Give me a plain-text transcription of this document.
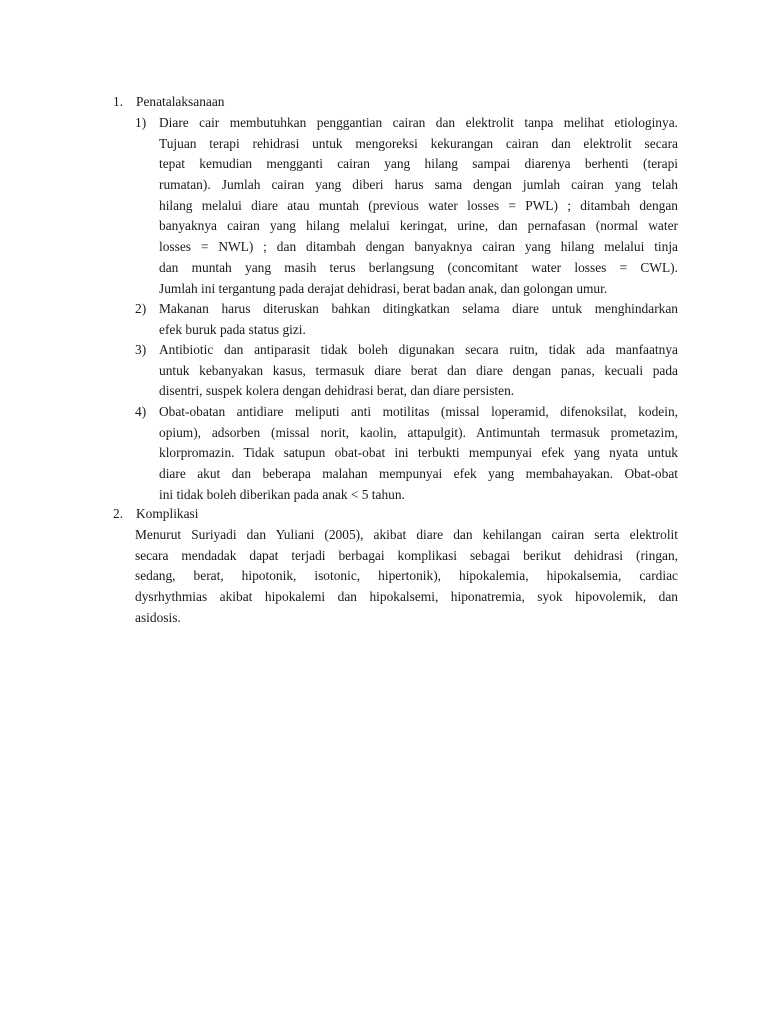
1. Penatalaksanaan
1) Diare cair membutuhkan penggantian cairan dan elektrolit tanpa melihat etiologinya.
Tujuan terapi rehidrasi untuk mengoreksi kekurangan cairan dan elektrolit secara
tepat kemudian mengganti cairan yang hilang sampai diarenya berhenti (terapi
rumatan). Jumlah cairan yang diberi harus sama dengan jumlah cairan yang telah
hilang melalui diare atau muntah (previous water losses = PWL) ; ditambah dengan
banyaknya cairan yang hilang melalui keringat, urine, dan pernafasan (normal water
losses = NWL) ; dan ditambah dengan banyaknya cairan yang hilang melalui tinja
dan muntah yang masih terus berlangsung (concomitant water losses = CWL).
Jumlah ini tergantung pada derajat dehidrasi, berat badan anak, dan golongan umur.
2) Makanan harus diteruskan bahkan ditingkatkan selama diare untuk menghindarkan
efek buruk pada status gizi.
3) Antibiotic dan antiparasit tidak boleh digunakan secara ruitn, tidak ada manfaatnya
untuk kebanyakan kasus, termasuk diare berat dan diare dengan panas, kecuali pada
disentri, suspek kolera dengan dehidrasi berat, dan diare persisten.
4) Obat-obatan antidiare meliputi anti motilitas (missal loperamid, difenoksilat, kodein,
opium), adsorben (missal norit, kaolin, attapulgit). Antimuntah termasuk prometazim,
klorpromazin. Tidak satupun obat-obat ini terbukti mempunyai efek yang nyata untuk
diare akut dan beberapa malahan mempunyai efek yang membahayakan. Obat-obat
ini tidak boleh diberikan pada anak < 5 tahun.
2. Komplikasi
Menurut Suriyadi dan Yuliani (2005), akibat diare dan kehilangan cairan serta elektrolit
secara mendadak dapat terjadi berbagai komplikasi sebagai berikut dehidrasi (ringan,
sedang, berat, hipotonik, isotonic, hipertonik), hipokalemia, hipokalsemia, cardiac
dysrhythmias akibat hipokalemi dan hipokalsemi, hiponatremia, syok hipovolemik, dan
asidosis.
